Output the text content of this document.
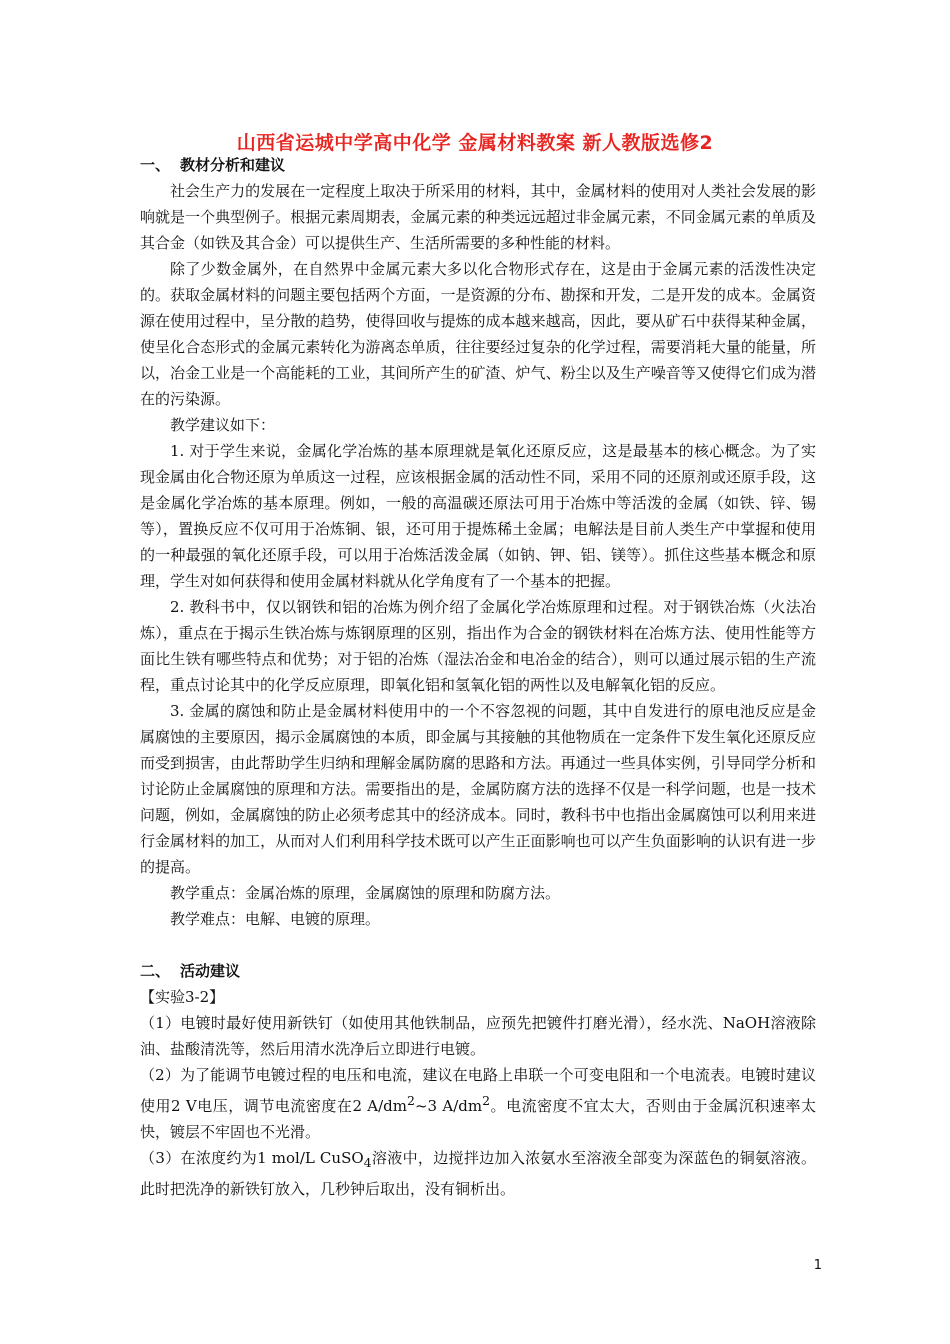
山西省运城中学高中化学 金属材料教案 新人教版选修2

一、 教材分析和建议

社会生产力的发展在一定程度上取决于所采用的材料，其中，金属材料的使用对人类社会发展的影响就是一个典型例子。根据元素周期表，金属元素的种类远远超过非金属元素，不同金属元素的单质及其合金（如铁及其合金）可以提供生产、生活所需要的多种性能的材料。

除了少数金属外，在自然界中金属元素大多以化合物形式存在，这是由于金属元素的活泼性决定的。获取金属材料的问题主要包括两个方面，一是资源的分布、勘探和开发，二是开发的成本。金属资源在使用过程中，呈分散的趋势，使得回收与提炼的成本越来越高，因此，要从矿石中获得某种金属，使呈化合态形式的金属元素转化为游离态单质，往往要经过复杂的化学过程，需要消耗大量的能量，所以，冶金工业是一个高能耗的工业，其间所产生的矿渣、炉气、粉尘以及生产噪音等又使得它们成为潜在的污染源。

教学建议如下：

1. 对于学生来说，金属化学冶炼的基本原理就是氧化还原反应，这是最基本的核心概念。为了实现金属由化合物还原为单质这一过程，应该根据金属的活动性不同，采用不同的还原剂或还原手段，这是金属化学冶炼的基本原理。例如，一般的高温碳还原法可用于冶炼中等活泼的金属（如铁、锌、锡等），置换反应不仅可用于冶炼铜、银，还可用于提炼稀土金属；电解法是目前人类生产中掌握和使用的一种最强的氧化还原手段，可以用于冶炼活泼金属（如钠、钾、铝、镁等）。抓住这些基本概念和原理，学生对如何获得和使用金属材料就从化学角度有了一个基本的把握。

2. 教科书中，仅以钢铁和铝的冶炼为例介绍了金属化学冶炼原理和过程。对于钢铁冶炼（火法冶炼），重点在于揭示生铁冶炼与炼钢原理的区别，指出作为合金的钢铁材料在冶炼方法、使用性能等方面比生铁有哪些特点和优势；对于铝的冶炼（湿法冶金和电冶金的结合），则可以通过展示铝的生产流程，重点讨论其中的化学反应原理，即氧化铝和氢氧化铝的两性以及电解氧化铝的反应。

3. 金属的腐蚀和防止是金属材料使用中的一个不容忽视的问题，其中自发进行的原电池反应是金属腐蚀的主要原因，揭示金属腐蚀的本质，即金属与其接触的其他物质在一定条件下发生氧化还原反应而受到损害，由此帮助学生归纳和理解金属防腐的思路和方法。再通过一些具体实例，引导同学分析和讨论防止金属腐蚀的原理和方法。需要指出的是，金属防腐方法的选择不仅是一科学问题，也是一技术问题，例如，金属腐蚀的防止必须考虑其中的经济成本。同时，教科书中也指出金属腐蚀可以利用来进行金属材料的加工，从而对人们利用科学技术既可以产生正面影响也可以产生负面影响的认识有进一步的提高。

教学重点：金属冶炼的原理，金属腐蚀的原理和防腐方法。

教学难点：电解、电镀的原理。

二、 活动建议

【实验3-2】

（1）电镀时最好使用新铁钉（如使用其他铁制品，应预先把镀件打磨光滑），经水洗、NaOH溶液除油、盐酸清洗等，然后用清水洗净后立即进行电镀。

（2）为了能调节电镀过程的电压和电流，建议在电路上串联一个可变电阻和一个电流表。电镀时建议使用2 V电压，调节电流密度在2 $A/dm^2\sim 3$ $A/dm^2$。电流密度不宜太大，否则由于金属沉积速率太快，镀层不牢固也不光滑。

（3）在浓度约为1 mol/L CuSO$_4$溶液中，边搅拌边加入浓氨水至溶液全部变为深蓝色的铜氨溶液。此时把洗净的新铁钉放入，几秒钟后取出，没有铜析出。

1
